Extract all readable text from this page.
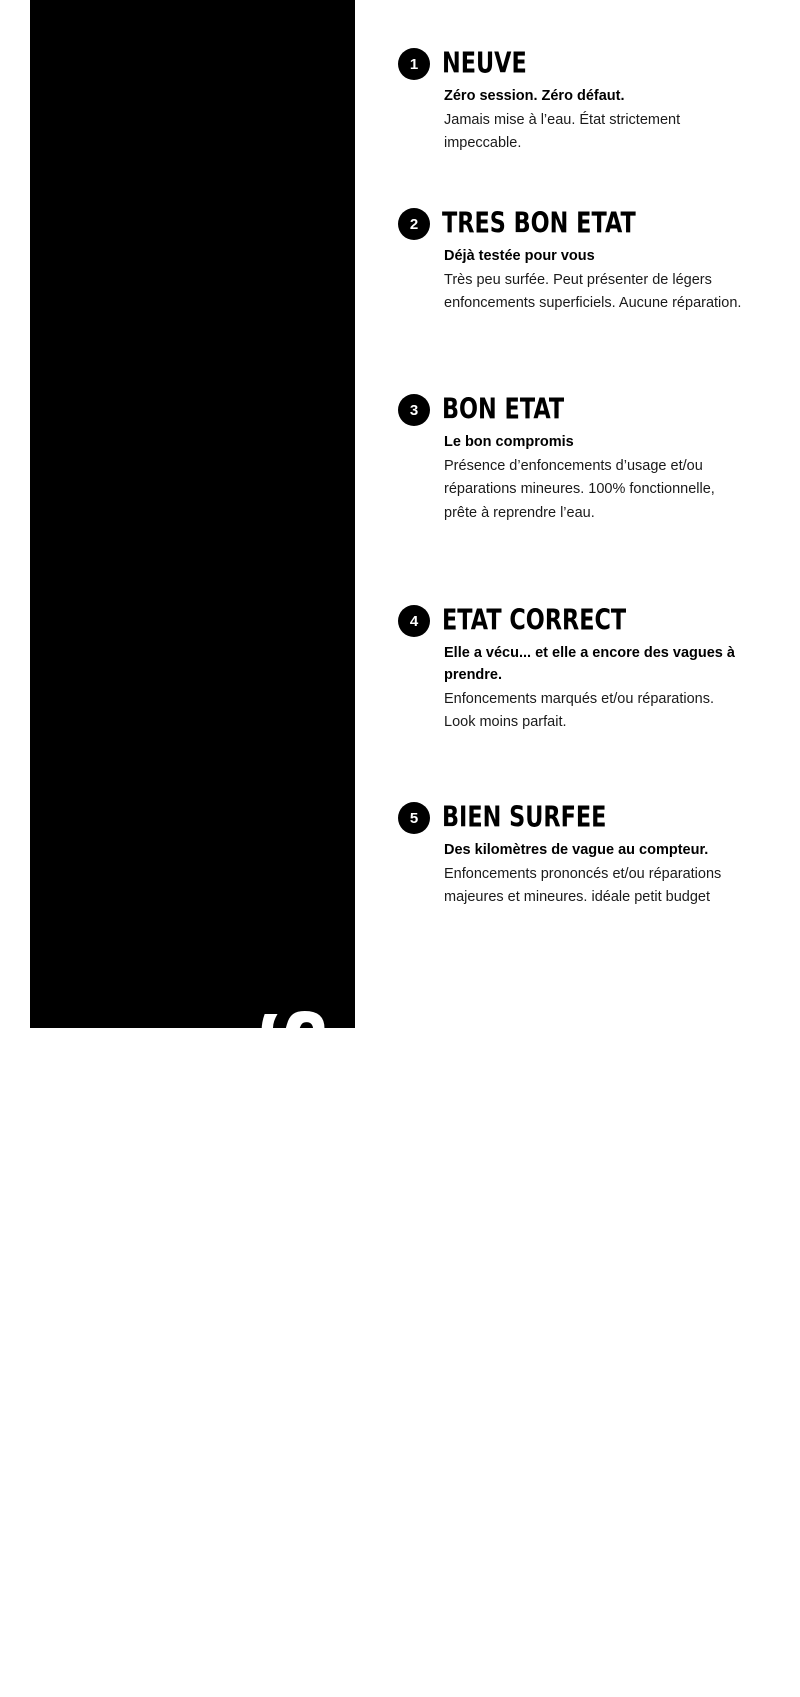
ETAT DES PLANCHES
1 NEUVE

Zéro session. Zéro défaut.

Jamais mise à l’eau. État strictement impeccable.

2 TRES BON ETAT

Déjà testée pour vous

Très peu surfée. Peut présenter de légers enfoncements superficiels. Aucune réparation.

3 BON ETAT

Le bon compromis

Présence d’enfoncements d’usage et/ou réparations mineures. 100% fonctionnelle, prête à reprendre l’eau.

4 ETAT CORRECT

Elle a vécu... et elle a encore des vagues à prendre.

Enfoncements marqués et/ou réparations. Look moins parfait.

5 BIEN SURFEE

Des kilomètres de vague au compteur.

Enfoncements prononcés et/ou réparations majeures et mineures. idéale petit budget
